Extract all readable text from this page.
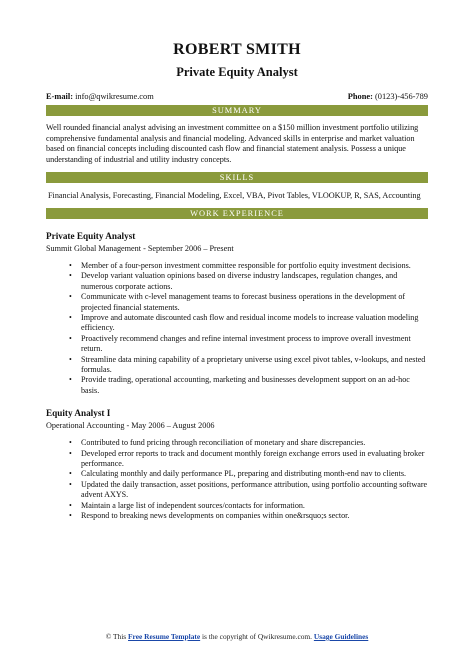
ROBERT SMITH
Private Equity Analyst
E-mail: info@qwikresume.com	Phone: (0123)-456-789
SUMMARY
Well rounded financial analyst advising an investment committee on a $150 million investment portfolio utilizing comprehensive fundamental analysis and financial modeling. Advanced skills in enterprise and market valuation based on financial concepts including discounted cash flow and financial statement analysis. Possess a unique understanding of industrial and utility industry concepts.
SKILLS
Financial Analysis, Forecasting, Financial Modeling, Excel, VBA, Pivot Tables, VLOOKUP, R, SAS, Accounting
WORK EXPERIENCE
Private Equity Analyst
Summit Global Management - September 2006 – Present
• Member of a four-person investment committee responsible for portfolio equity investment decisions.
• Develop variant valuation opinions based on diverse industry landscapes, regulation changes, and numerous corporate actions.
• Communicate with c-level management teams to forecast business operations in the development of projected financial statements.
• Improve and automate discounted cash flow and residual income models to increase valuation modeling efficiency.
• Proactively recommend changes and refine internal investment process to improve overall investment return.
• Streamline data mining capability of a proprietary universe using excel pivot tables, v-lookups, and nested formulas.
• Provide trading, operational accounting, marketing and businesses development support on an ad-hoc basis.
Equity Analyst I
Operational Accounting - May 2006 – August 2006
• Contributed to fund pricing through reconciliation of monetary and share discrepancies.
• Developed error reports to track and document monthly foreign exchange errors used in evaluating broker performance.
• Calculating monthly and daily performance PL, preparing and distributing month-end nav to clients.
• Updated the daily transaction, asset positions, performance attribution, using portfolio accounting software advent AXYS.
• Maintain a large list of independent sources/contacts for information.
• Respond to breaking news developments on companies within one&rsquo;s sector.
© This Free Resume Template is the copyright of Qwikresume.com. Usage Guidelines
